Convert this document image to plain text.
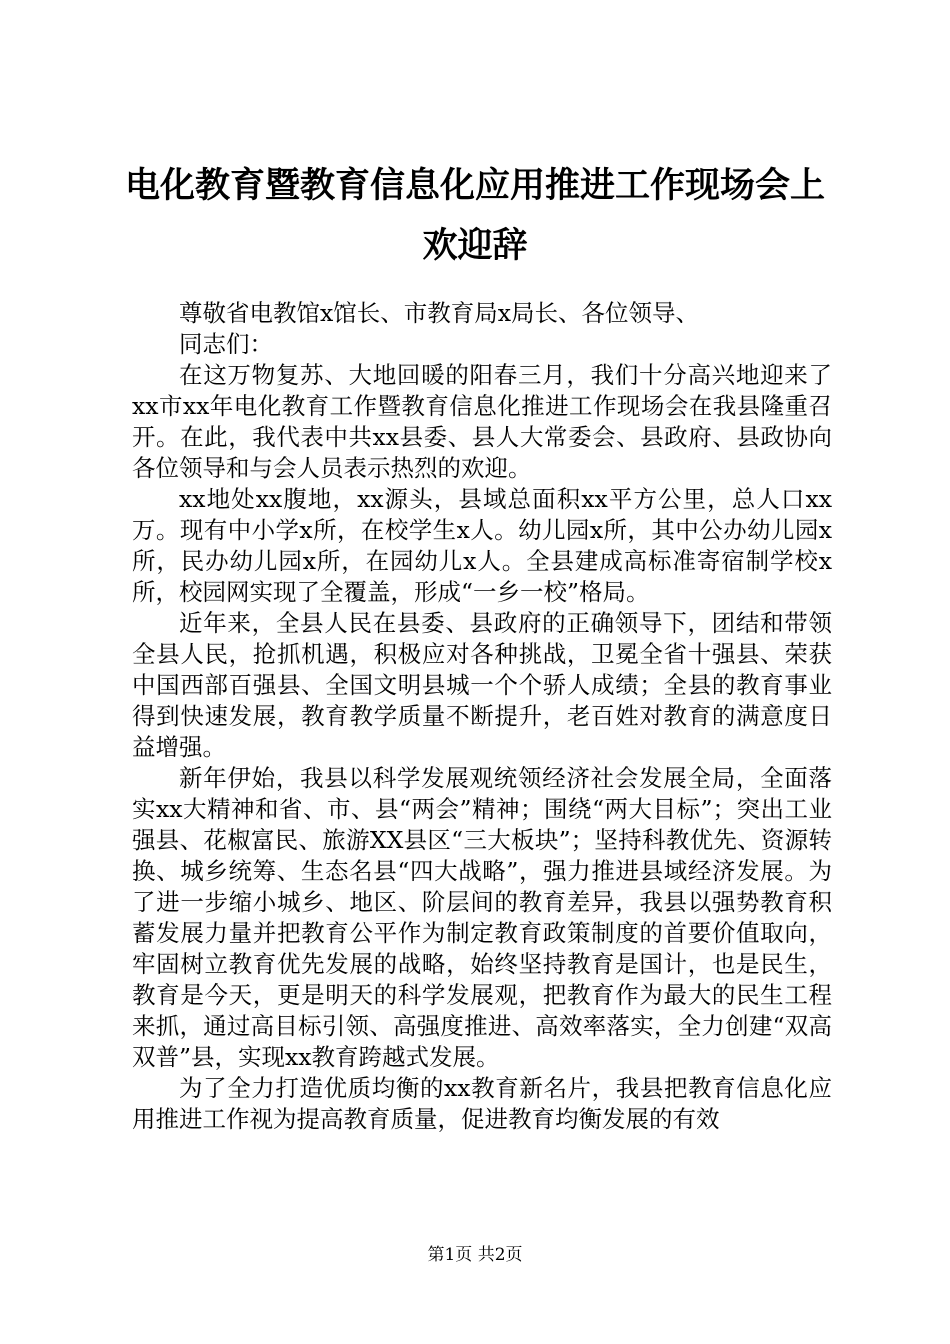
电化教育暨教育信息化应用推进工作现场会上
欢迎辞

尊敬省电教馆x馆长、市教育局x局长、各位领导、

同志们：

在这万物复苏、大地回暖的阳春三月，我们十分高兴地迎来了xx市xx年电化教育工作暨教育信息化推进工作现场会在我县隆重召开。在此，我代表中共xx县委、县人大常委会、县政府、县政协向各位领导和与会人员表示热烈的欢迎。

xx地处xx腹地，xx源头，县域总面积xx平方公里，总人口xx万。现有中小学x所，在校学生x人。幼儿园x所，其中公办幼儿园x所，民办幼儿园x所，在园幼儿x人。全县建成高标准寄宿制学校x所，校园网实现了全覆盖，形成“一乡一校”格局。

近年来，全县人民在县委、县政府的正确领导下，团结和带领全县人民，抢抓机遇，积极应对各种挑战，卫冕全省十强县、荣获中国西部百强县、全国文明县城一个个骄人成绩；全县的教育事业得到快速发展，教育教学质量不断提升，老百姓对教育的满意度日益增强。

新年伊始，我县以科学发展观统领经济社会发展全局，全面落实xx大精神和省、市、县“两会”精神；围绕“两大目标”；突出工业强县、花椒富民、旅游XX县区“三大板块”；坚持科教优先、资源转换、城乡统筹、生态名县“四大战略”，强力推进县域经济发展。为了进一步缩小城乡、地区、阶层间的教育差异，我县以强势教育积蓄发展力量并把教育公平作为制定教育政策制度的首要价值取向，牢固树立教育优先发展的战略，始终坚持教育是国计，也是民生，教育是今天，更是明天的科学发展观，把教育作为最大的民生工程来抓，通过高目标引领、高强度推进、高效率落实，全力创建“双高双普”县，实现xx教育跨越式发展。

为了全力打造优质均衡的xx教育新名片，我县把教育信息化应用推进工作视为提高教育质量，促进教育均衡发展的有效

第1页 共2页
